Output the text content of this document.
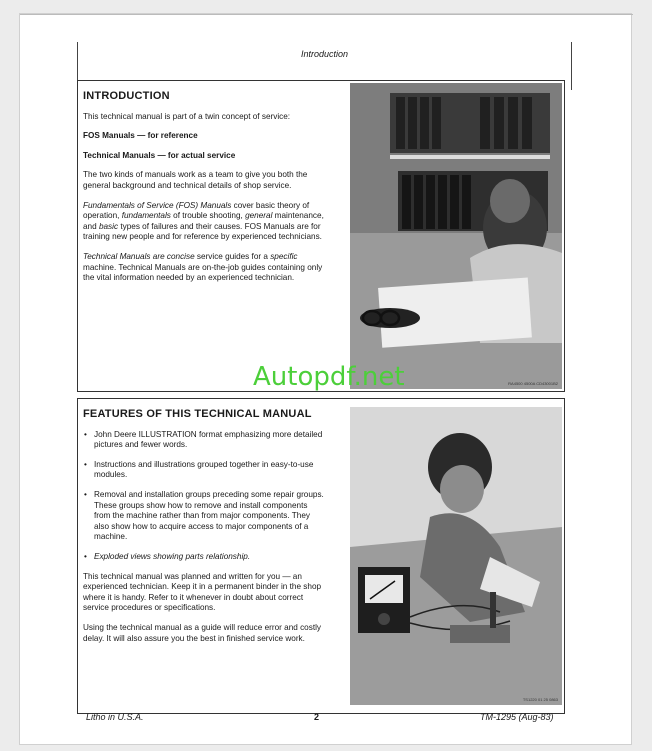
Introduction
INTRODUCTION

This technical manual is part of a twin concept of service:

FOS Manuals — for reference

Technical Manuals — for actual service

The two kinds of manuals work as a team to give you both the general background and technical details of shop service.

Fundamentals of Service (FOS) Manuals cover basic theory of operation, fundamentals of trouble shooting, general maintenance, and basic types of failures and their causes. FOS Manuals are for training new people and for reference by experienced technicians.

Technical Manuals are concise service guides for a specific machine. Technical Manuals are on-the-job guides containing only the vital information needed by an experienced technician.

RA4500 4500A CD43001B2
FEATURES OF THIS TECHNICAL MANUAL
• John Deere ILLUSTRATION format emphasizing more detailed pictures and fewer words.
• Instructions and illustrations grouped together in easy-to-use modules.
• Removal and installation groups preceding some repair groups. These groups show how to remove and install components from the machine rather than from major components. They also show how to acquire access to major components of a machine.
• Exploded views showing parts relationship.

This technical manual was planned and written for you — an experienced technician. Keep it in a permanent binder in the shop where it is handy. Refer to it whenever in doubt about correct service procedures or specifications.

Using the technical manual as a guide will reduce error and costly delay. It will also assure you the best in finished service work.

TS1220 01 25 0863
Autopdf.net
Litho in U.S.A.	2	TM-1295 (Aug-83)
